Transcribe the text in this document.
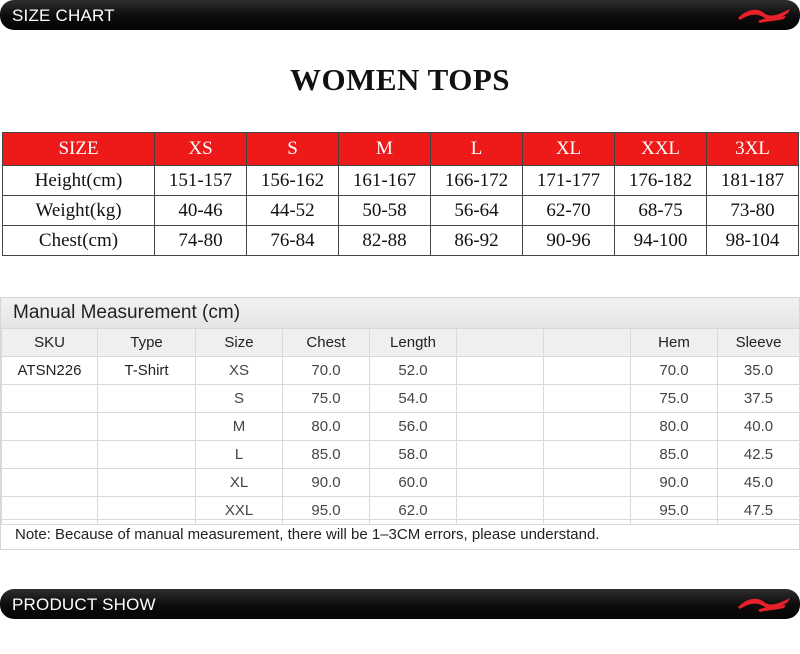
SIZE CHART
WOMEN TOPS
SIZE	XS	S	M	L	XL	XXL	3XL
Height(cm)	151-157	156-162	161-167	166-172	171-177	176-182	181-187
Weight(kg)	40-46	44-52	50-58	56-64	62-70	68-75	73-80
Chest(cm)	74-80	76-84	82-88	86-92	90-96	94-100	98-104
Manual Measurement (cm)
SKU	Type	Size	Chest	Length			Hem	Sleeve
ATSN226	T-Shirt	XS	70.0	52.0			70.0	35.0
		S	75.0	54.0			75.0	37.5
		M	80.0	56.0			80.0	40.0
		L	85.0	58.0			85.0	42.5
		XL	90.0	60.0			90.0	45.0
		XXL	95.0	62.0			95.0	47.5
Note: Because of manual measurement, there will be 1–3CM errors, please understand.
PRODUCT SHOW
